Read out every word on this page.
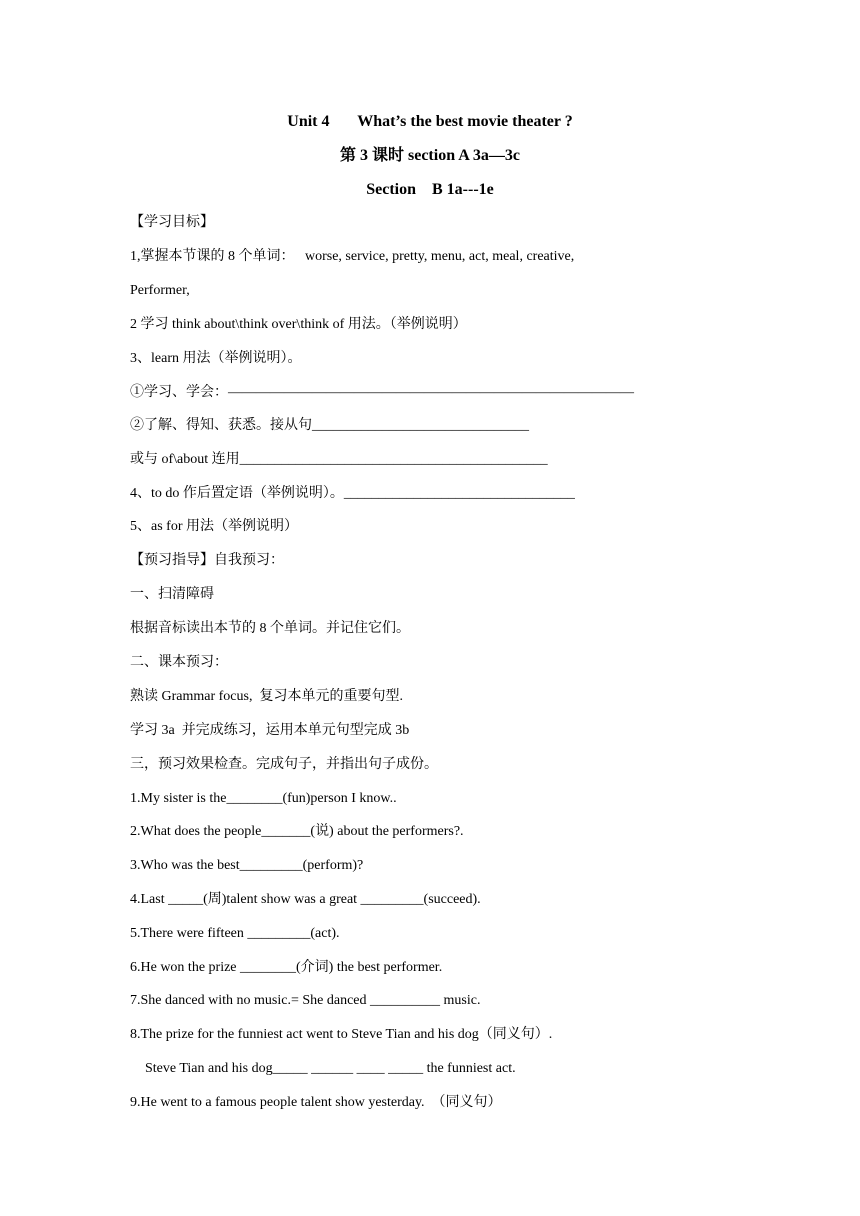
Unit 4       What’s the best movie theater ?
第 3 课时 section A 3a—3c
Section    B 1a---1e
【学习目标】
1,掌握本节课的 8 个单词：   worse, service, pretty, menu, act, meal, creative,
Performer,
2 学习 think about\think over\think of 用法。（举例说明）
3、learn 用法（举例说明）。
①学习、学会：—————————————————————————————
②了解、得知、获悉。接从句_______________________________
或与 of\about 连用____________________________________________
4、to do 作后置定语（举例说明）。_________________________________
5、as for 用法（举例说明）
【预习指导】自我预习：
一、扫清障碍
根据音标读出本节的 8 个单词。并记住它们。
二、课本预习：
熟读 Grammar focus,  复习本单元的重要句型.
学习 3a  并完成练习，运用本单元句型完成 3b
三，预习效果检查。完成句子，并指出句子成份。
1.My sister is the________(fun)person I know..
2.What does the people_______(说) about the performers?.
3.Who was the best_________(perform)?
4.Last _____(周)talent show was a great _________(succeed).
5.There were fifteen _________(act).
6.He won the prize ________(介词) the best performer.
7.She danced with no music.= She danced __________ music.
8.The prize for the funniest act went to Steve Tian and his dog（同义句）.
Steve Tian and his dog_____ ______ ____ _____ the funniest act.
9.He went to a famous people talent show yesterday.  （同义句）
